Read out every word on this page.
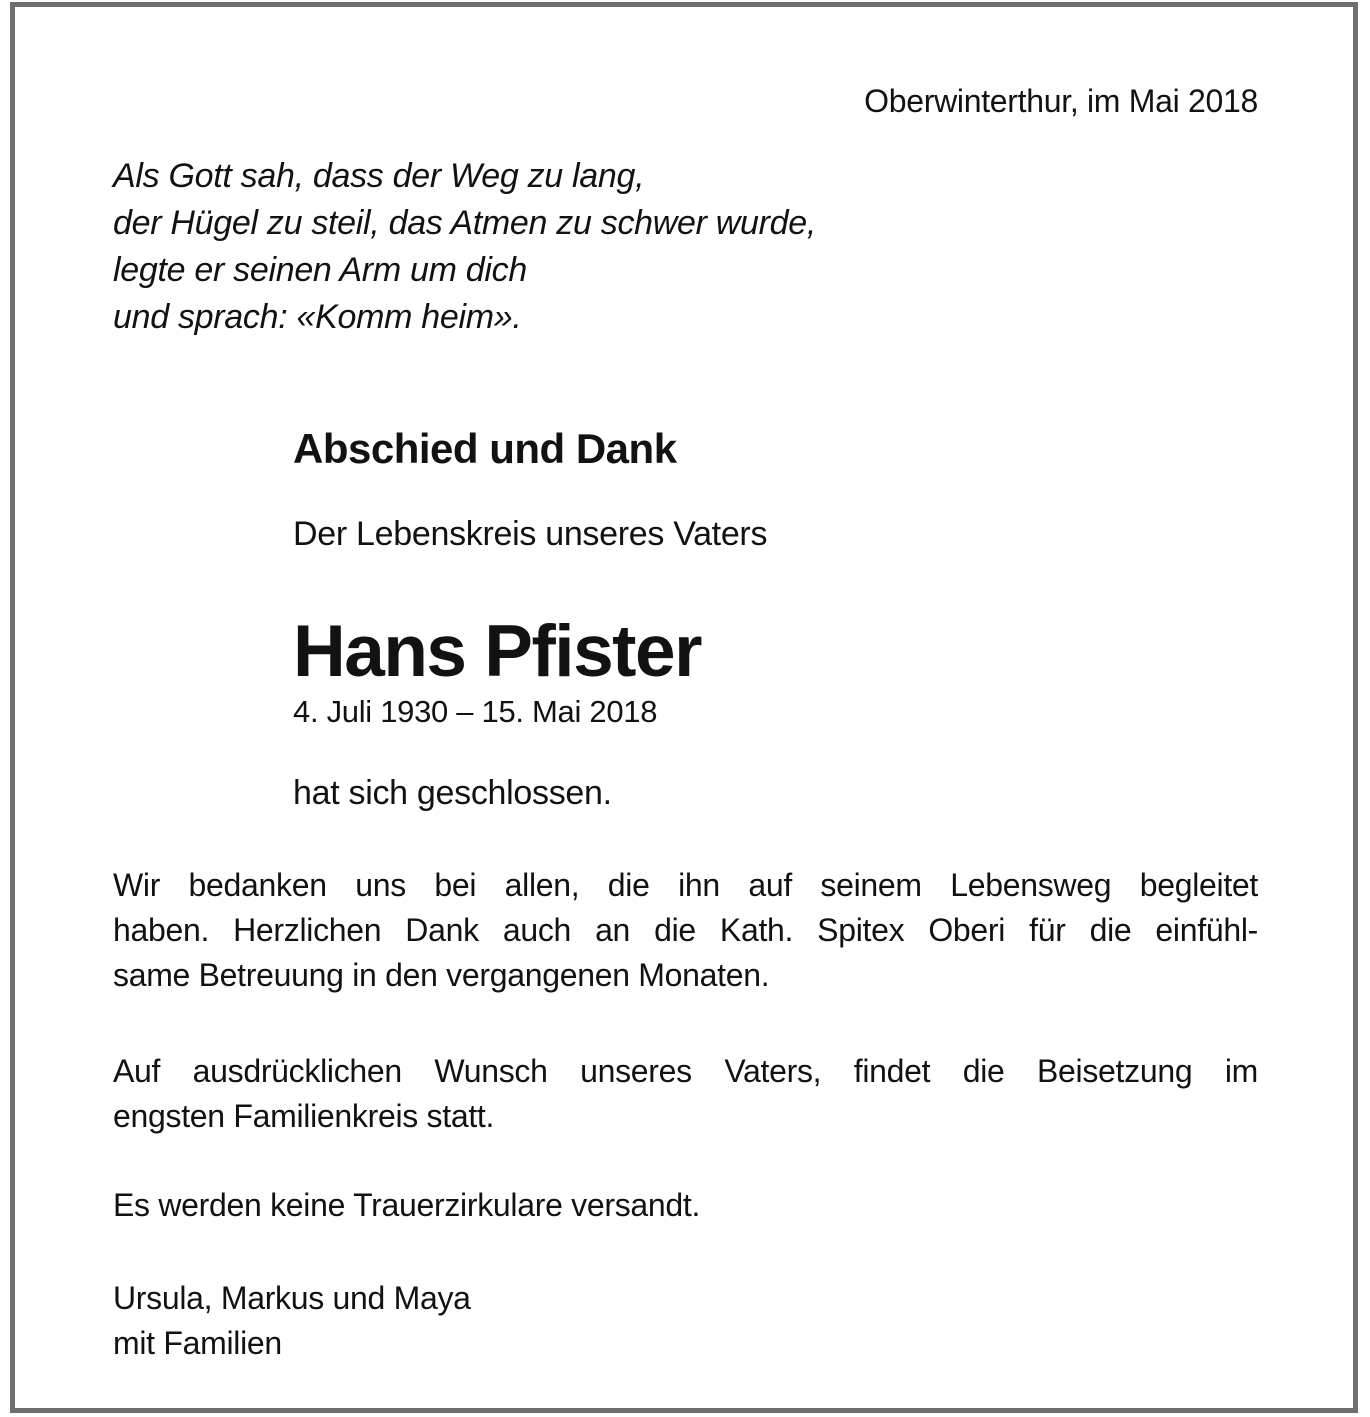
Oberwinterthur, im Mai 2018
Als Gott sah, dass der Weg zu lang,
der Hügel zu steil, das Atmen zu schwer wurde,
legte er seinen Arm um dich
und sprach: «Komm heim».
Abschied und Dank
Der Lebenskreis unseres Vaters
Hans Pfister
4. Juli 1930 – 15. Mai 2018
hat sich geschlossen.
Wir bedanken uns bei allen, die ihn auf seinem Lebensweg begleitet
haben. Herzlichen Dank auch an die Kath. Spitex Oberi für die einfühl-
same Betreuung in den vergangenen Monaten.
Auf ausdrücklichen Wunsch unseres Vaters, findet die Beisetzung im
engsten Familienkreis statt.
Es werden keine Trauerzirkulare versandt.
Ursula, Markus und Maya
mit Familien
